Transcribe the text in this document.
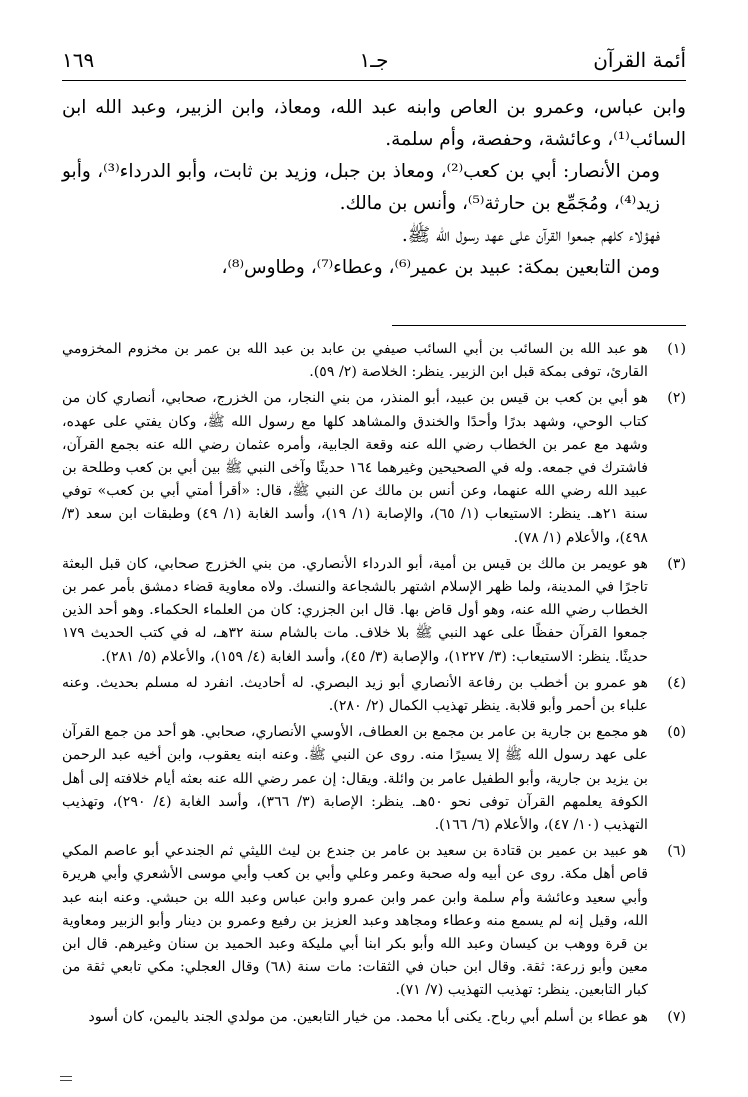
أئمة القرآن
جـ١
١٦٩

وابن عباس، وعمرو بن العاص وابنه عبد الله، ومعاذ، وابن الزبير، وعبد الله ابن السائب⁽¹⁾، وعائشة، وحفصة، وأم سلمة.

ومن الأنصار: أبي بن كعب⁽²⁾، ومعاذ بن جبل، وزيد بن ثابت، وأبو الدرداء⁽³⁾، وأبو زيد⁽⁴⁾، ومُجَمِّع بن حارثة⁽⁵⁾، وأنس بن مالك.

فهؤلاء كلهم جمعوا القرآن على عهد رسول الله ﷺ.

ومن التابعين بمكة: عبيد بن عمير⁽⁶⁾، وعطاء⁽⁷⁾، وطاوس⁽⁸⁾،

(١)
هو عبد الله بن السائب بن أبي السائب صيفي بن عابد بن عبد الله بن عمر بن مخزوم المخزومي القارئ، توفى بمكة قبل ابن الزبير. ينظر: الخلاصة (٢/ ٥٩).
(٢)
هو أبي بن كعب بن قيس بن عبيد، أبو المنذر، من بني النجار، من الخزرج، صحابي، أنصاري كان من كتاب الوحي، وشهد بدرًا وأحدًا والخندق والمشاهد كلها مع رسول الله ﷺ، وكان يفتي على عهده، وشهد مع عمر بن الخطاب رضي الله عنه وقعة الجابية، وأمره عثمان رضي الله عنه بجمع القرآن، فاشترك في جمعه. وله في الصحيحين وغيرهما ١٦٤ حديثًا وآخى النبي ﷺ بين أبي بن كعب وطلحة بن عبيد الله رضي الله عنهما، وعن أنس بن مالك عن النبي ﷺ، قال: «أقرأ أمتي أبي بن كعب» توفي سنة ٢١هـ. ينظر: الاستيعاب (١/ ٦٥)، والإصابة (١/ ١٩)، وأسد الغابة (١/ ٤٩) وطبقات ابن سعد (٣/ ٤٩٨)، والأعلام (١/ ٧٨).
(٣)
هو عويمر بن مالك بن قيس بن أمية، أبو الدرداء الأنصاري. من بني الخزرج صحابي، كان قبل البعثة تاجرًا في المدينة، ولما ظهر الإسلام اشتهر بالشجاعة والنسك. ولاه معاوية قضاء دمشق بأمر عمر بن الخطاب رضي الله عنه، وهو أول قاض بها. قال ابن الجزري: كان من العلماء الحكماء. وهو أحد الذين جمعوا القرآن حفظًا على عهد النبي ﷺ بلا خلاف. مات بالشام سنة ٣٢هـ، له في كتب الحديث ١٧٩ حديثًا. ينظر: الاستيعاب: (٣/ ١٢٢٧)، والإصابة (٣/ ٤٥)، وأسد الغابة (٤/ ١٥٩)، والأعلام (٥/ ٢٨١).
(٤)
هو عمرو بن أخطب بن رفاعة الأنصاري أبو زيد البصري. له أحاديث. انفرد له مسلم بحديث. وعنه علباء بن أحمر وأبو قلابة. ينظر تهذيب الكمال (٢/ ٢٨٠).
(٥)
هو مجمع بن جارية بن عامر بن مجمع بن العطاف، الأوسي الأنصاري، صحابي. هو أحد من جمع القرآن على عهد رسول الله ﷺ إلا يسيرًا منه. روى عن النبي ﷺ. وعنه ابنه يعقوب، وابن أخيه عبد الرحمن بن يزيد بن جارية، وأبو الطفيل عامر بن وائلة. ويقال: إن عمر رضي الله عنه بعثه أيام خلافته إلى أهل الكوفة يعلمهم القرآن توفى نحو ٥٠هـ. ينظر: الإصابة (٣/ ٣٦٦)، وأسد الغابة (٤/ ٢٩٠)، وتهذيب التهذيب (١٠/ ٤٧)، والأعلام (٦/ ١٦٦).
(٦)
هو عبيد بن عمير بن قتادة بن سعيد بن عامر بن جندع بن ليث الليثي ثم الجندعي أبو عاصم المكي قاص أهل مكة. روى عن أبيه وله صحبة وعمر وعلي وأبي بن كعب وأبي موسى الأشعري وأبي هريرة وأبي سعيد وعائشة وأم سلمة وابن عمر وابن عمرو وابن عباس وعبد الله بن حبشي. وعنه ابنه عبد الله، وقيل إنه لم يسمع منه وعطاء ومجاهد وعبد العزيز بن رفيع وعمرو بن دينار وأبو الزبير ومعاوية بن قرة ووهب بن كيسان وعبد الله وأبو بكر ابنا أبي مليكة وعبد الحميد بن سنان وغيرهم. قال ابن معين وأبو زرعة: ثقة. وقال ابن حبان في الثقات: مات سنة (٦٨) وقال العجلي: مكي تابعي ثقة من كبار التابعين. ينظر: تهذيب التهذيب (٧/ ٧١).
(٧)
هو عطاء بن أسلم أبي رباح. يكنى أبا محمد. من خيار التابعين. من مولدي الجند باليمن، كان أسود
